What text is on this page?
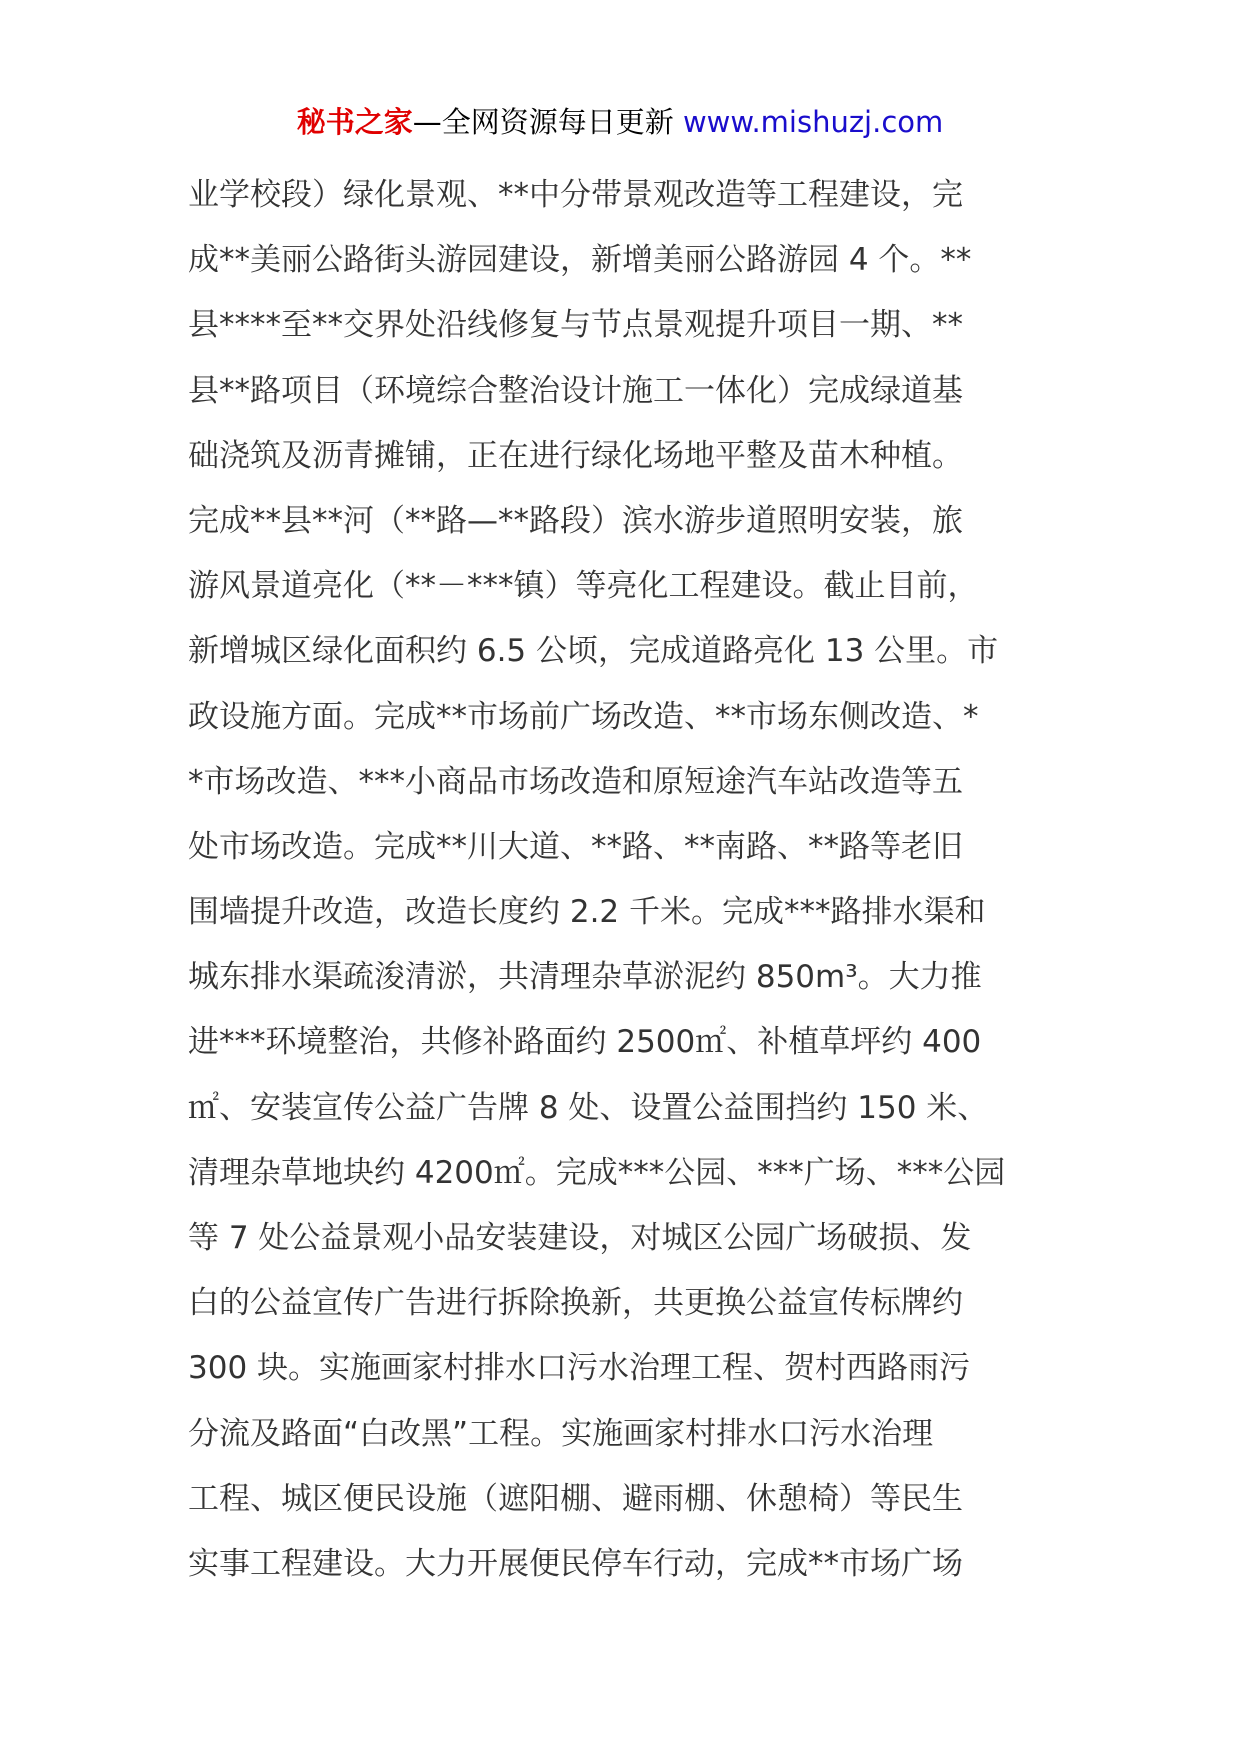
秘书之家—全网资源每日更新 www.mishuzj.com
业学校段）绿化景观、**中分带景观改造等工程建设，完
成**美丽公路街头游园建设，新增美丽公路游园 4 个。**
县****至**交界处沿线修复与节点景观提升项目一期、**
县**路项目（环境综合整治设计施工一体化）完成绿道基
础浇筑及沥青摊铺，正在进行绿化场地平整及苗木种植。
完成**县**河（**路—**路段）滨水游步道照明安装，旅
游风景道亮化（**－***镇）等亮化工程建设。截止目前，
新增城区绿化面积约 6.5 公顷，完成道路亮化 13 公里。市
政设施方面。完成**市场前广场改造、**市场东侧改造、*
*市场改造、***小商品市场改造和原短途汽车站改造等五
处市场改造。完成**川大道、**路、**南路、**路等老旧
围墙提升改造，改造长度约 2.2 千米。完成***路排水渠和
城东排水渠疏浚清淤，共清理杂草淤泥约 850m³。大力推
进***环境整治，共修补路面约 2500㎡、补植草坪约 400
㎡、安装宣传公益广告牌 8 处、设置公益围挡约 150 米、
清理杂草地块约 4200㎡。完成***公园、***广场、***公园
等 7 处公益景观小品安装建设，对城区公园广场破损、发
白的公益宣传广告进行拆除换新，共更换公益宣传标牌约
300 块。实施画家村排水口污水治理工程、贺村西路雨污
分流及路面“白改黑”工程。实施画家村排水口污水治理
工程、城区便民设施（遮阳棚、避雨棚、休憩椅）等民生
实事工程建设。大力开展便民停车行动，完成**市场广场
